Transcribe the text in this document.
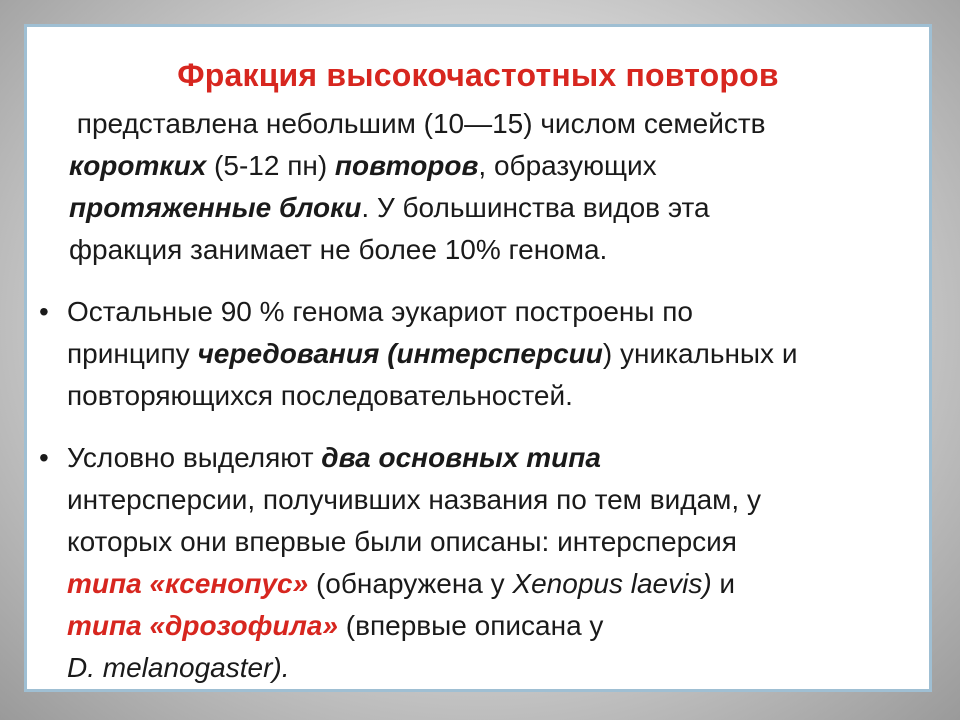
Фракция высокочастотных повторов
представлена небольшим (10—15) числом семейств
коротких (5-12 пн) повторов, образующих
протяженные блоки. У большинства видов эта
фракция занимает не более 10% генома.
• Остальные 90 % генома эукариот построены по
принципу чередования (интерсперсии) уникальных и
повторяющихся последовательностей.
• Условно выделяют два основных типа
интерсперсии, получивших названия по тем видам, у
которых они впервые были описаны: интерсперсия
типа «ксенопус» (обнаружена у Xenopus laevis) и
типа «дрозофила» (впервые описана у
D. melanogaster).
